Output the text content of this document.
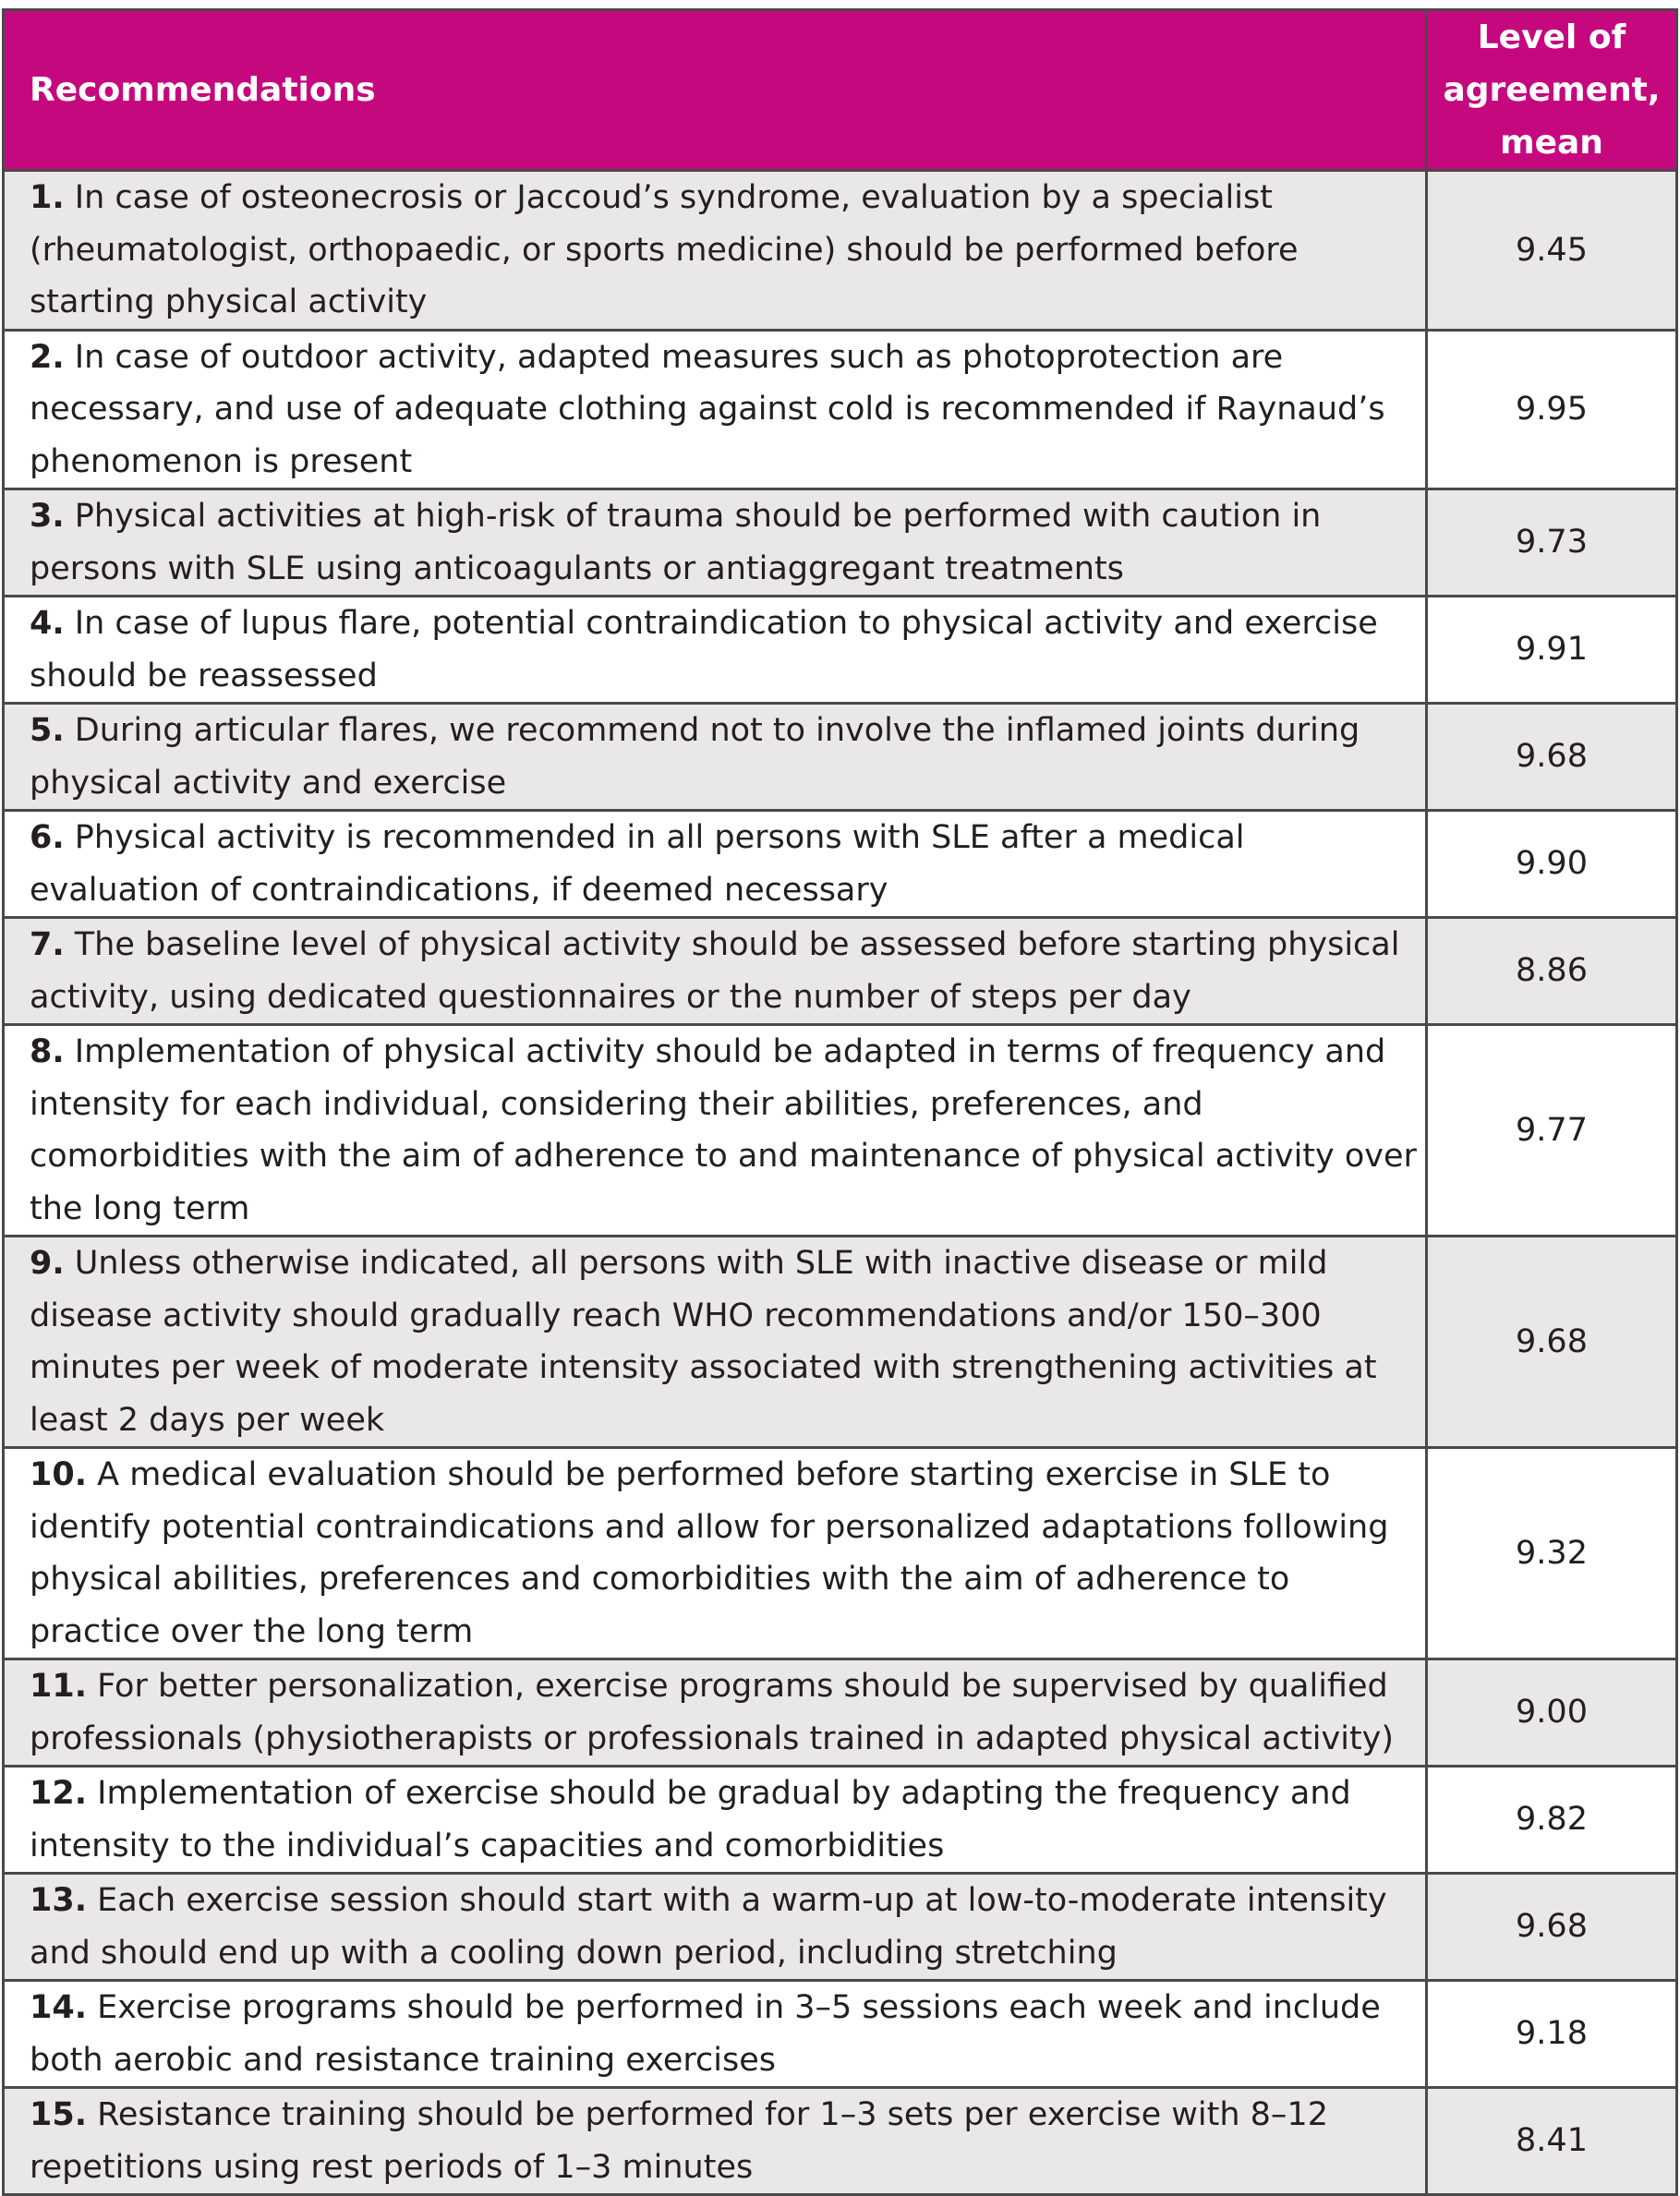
Recommendations	Level of agreement, mean
1. In case of osteonecrosis or Jaccoud’s syndrome, evaluation by a specialist (rheumatologist, orthopaedic, or sports medicine) should be performed before starting physical activity	9.45
2. In case of outdoor activity, adapted measures such as photoprotection are necessary, and use of adequate clothing against cold is recommended if Raynaud’s phenomenon is present	9.95
3. Physical activities at high-risk of trauma should be performed with caution in persons with SLE using anticoagulants or antiaggregant treatments	9.73
4. In case of lupus flare, potential contraindication to physical activity and exercise should be reassessed	9.91
5. During articular flares, we recommend not to involve the inflamed joints during physical activity and exercise	9.68
6. Physical activity is recommended in all persons with SLE after a medical evaluation of contraindications, if deemed necessary	9.90
7. The baseline level of physical activity should be assessed before starting physical activity, using dedicated questionnaires or the number of steps per day	8.86
8. Implementation of physical activity should be adapted in terms of frequency and intensity for each individual, considering their abilities, preferences, and comorbidities with the aim of adherence to and maintenance of physical activity over the long term	9.77
9. Unless otherwise indicated, all persons with SLE with inactive disease or mild disease activity should gradually reach WHO recommendations and/or 150–300 minutes per week of moderate intensity associated with strengthening activities at least 2 days per week	9.68
10. A medical evaluation should be performed before starting exercise in SLE to identify potential contraindications and allow for personalized adaptations following physical abilities, preferences and comorbidities with the aim of adherence to practice over the long term	9.32
11. For better personalization, exercise programs should be supervised by qualified professionals (physiotherapists or professionals trained in adapted physical activity)	9.00
12. Implementation of exercise should be gradual by adapting the frequency and intensity to the individual’s capacities and comorbidities	9.82
13. Each exercise session should start with a warm-up at low-to-moderate intensity and should end up with a cooling down period, including stretching	9.68
14. Exercise programs should be performed in 3–5 sessions each week and include both aerobic and resistance training exercises	9.18
15. Resistance training should be performed for 1–3 sets per exercise with 8–12 repetitions using rest periods of 1–3 minutes	8.41
